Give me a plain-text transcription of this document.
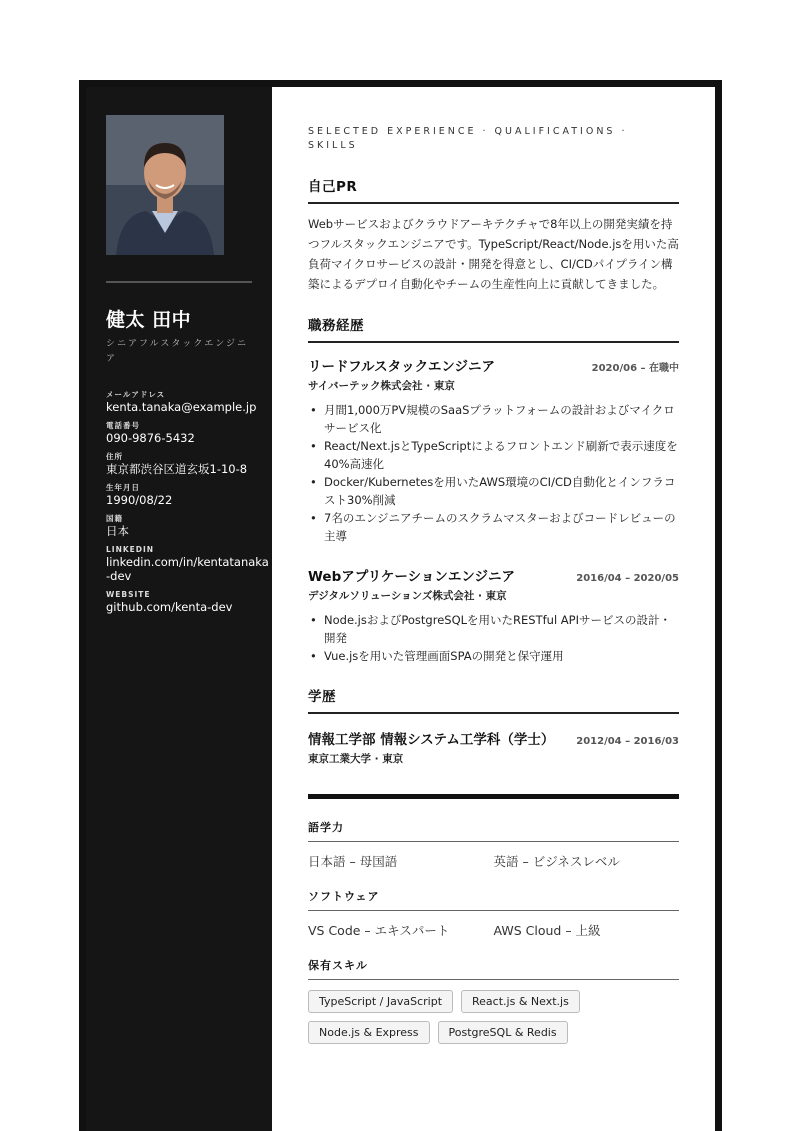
健太 田中
シニアフルスタックエンジニア
メールアドレス
kenta.tanaka@example.jp
電話番号
090-9876-5432
住所
東京都渋谷区道玄坂1-10-8
生年月日
1990/08/22
国籍
日本
LINKEDIN
linkedin.com/in/kentatanaka-dev
WEBSITE
github.com/kenta-dev
SELECTED EXPERIENCE · QUALIFICATIONS · SKILLS
自己PR
Webサービスおよびクラウドアーキテクチャで8年以上の開発実績を持つフルスタックエンジニアです。TypeScript/React/Node.jsを用いた高負荷マイクロサービスの設計・開発を得意とし、CI/CDパイプライン構築によるデプロイ自動化やチームの生産性向上に貢献してきました。
職務経歴
リードフルスタックエンジニア	2020/06 – 在職中
サイバーテック株式会社 · 東京
• 月間1,000万PV規模のSaaSプラットフォームの設計およびマイクロサービス化
• React/Next.jsとTypeScriptによるフロントエンド刷新で表示速度を40%高速化
• Docker/Kubernetesを用いたAWS環境のCI/CD自動化とインフラコスト30%削減
• 7名のエンジニアチームのスクラムマスターおよびコードレビューの主導
Webアプリケーションエンジニア	2016/04 – 2020/05
デジタルソリューションズ株式会社 · 東京
• Node.jsおよびPostgreSQLを用いたRESTful APIサービスの設計・開発
• Vue.jsを用いた管理画面SPAの開発と保守運用
学歴
情報工学部 情報システム工学科（学士） 2012/04 – 2016/03
東京工業大学 · 東京
語学力
日本語 – 母国語	英語 – ビジネスレベル
ソフトウェア
VS Code – エキスパート	AWS Cloud – 上級
保有スキル
TypeScript / JavaScript	React.js & Next.js
Node.js & Express	PostgreSQL & Redis
